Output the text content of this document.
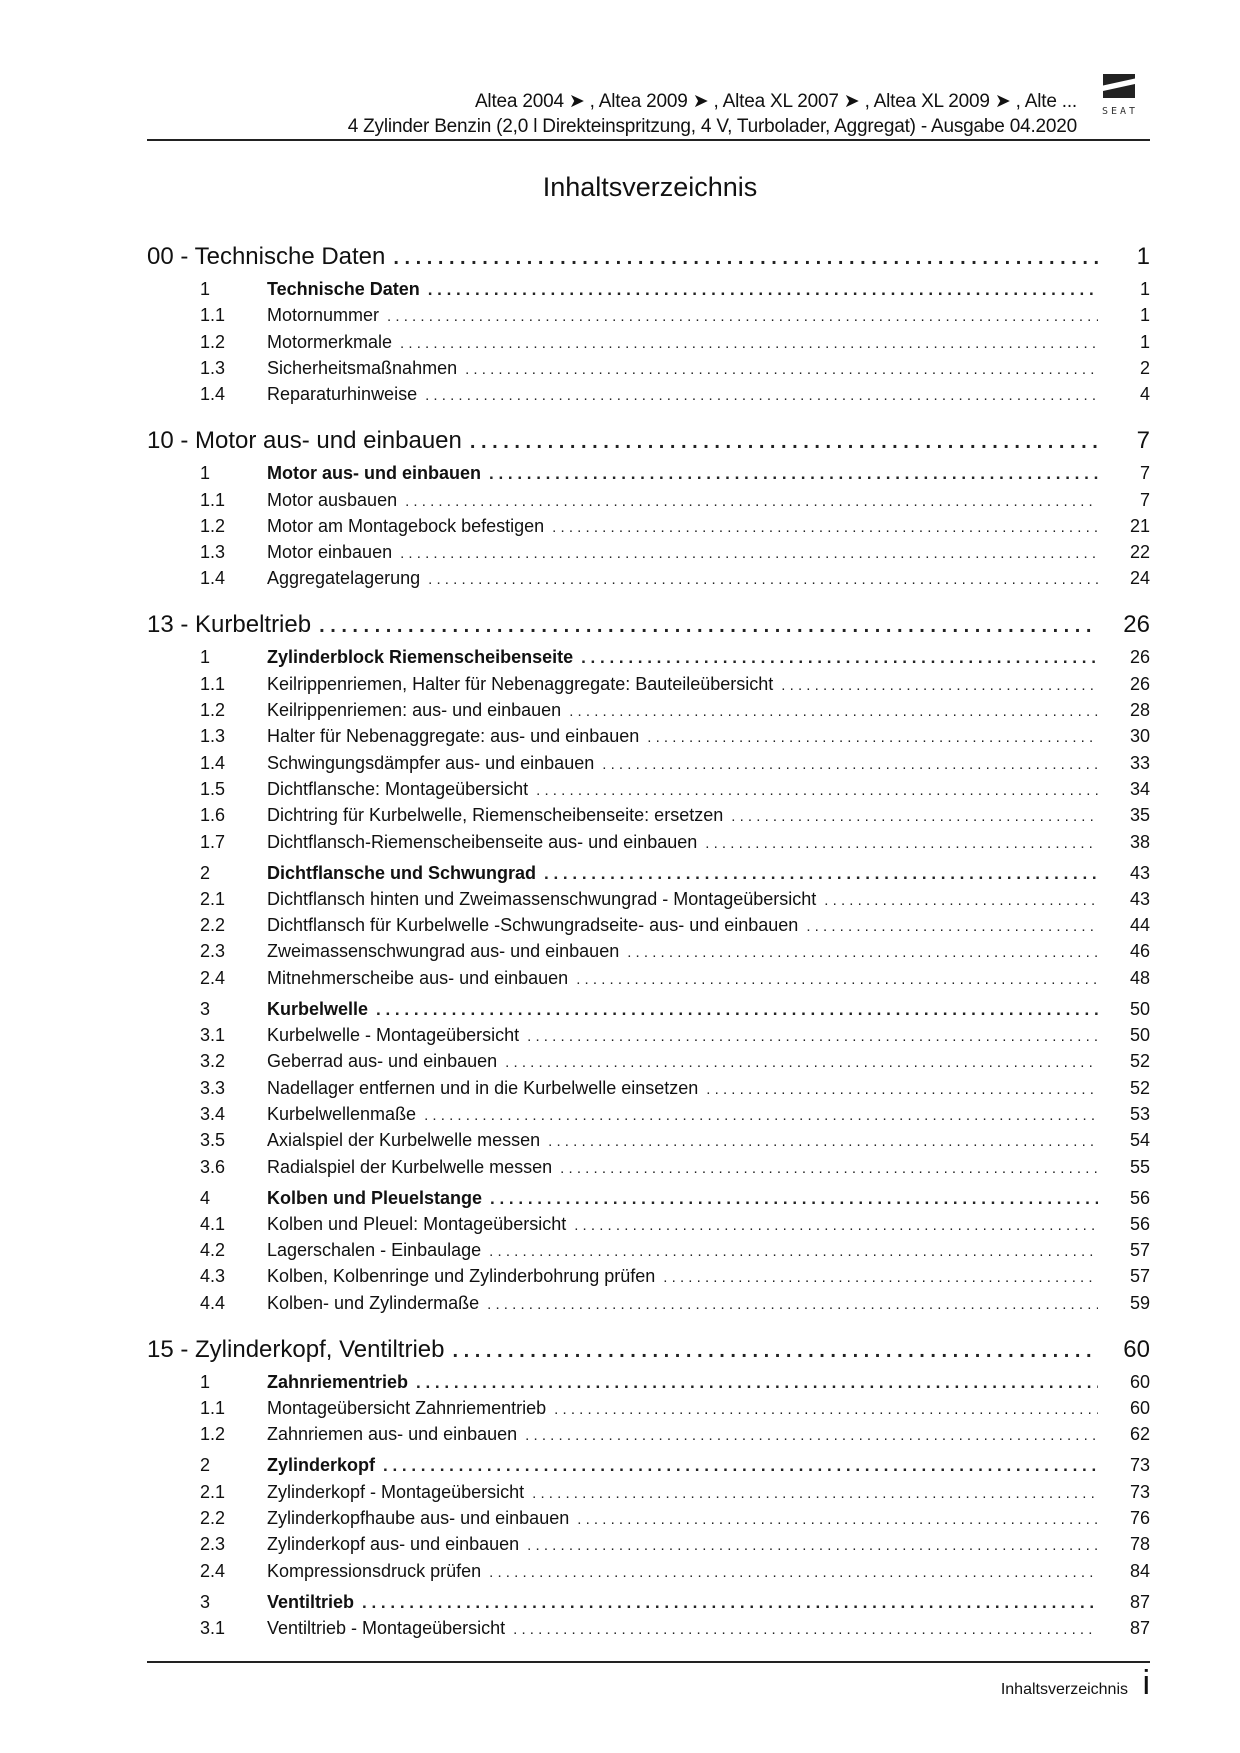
Altea 2004 ➤ , Altea 2009 ➤ , Altea XL 2007 ➤ , Altea XL 2009 ➤ , Alte ...
4 Zylinder Benzin (2,0 l Direkteinspritzung, 4 V, Turbolader, Aggregat) - Ausgabe 04.2020
SEAT
Inhaltsverzeichnis
00 - Technische Daten . . .	1
1	Technische Daten . . .	1
1.1	Motornummer . . .	1
1.2	Motormerkmale . . .	1
1.3	Sicherheitsmaßnahmen . . .	2
1.4	Reparaturhinweise . . .	4
10 - Motor aus- und einbauen . . .	7
1	Motor aus- und einbauen . . .	7
1.1	Motor ausbauen . . .	7
1.2	Motor am Montagebock befestigen . . .	21
1.3	Motor einbauen . . .	22
1.4	Aggregatelagerung . . .	24
13 - Kurbeltrieb . . .	26
1	Zylinderblock Riemenscheibenseite . . .	26
1.1	Keilrippenriemen, Halter für Nebenaggregate: Bauteileübersicht . . .	26
1.2	Keilrippenriemen: aus- und einbauen . . .	28
1.3	Halter für Nebenaggregate: aus- und einbauen . . .	30
1.4	Schwingungsdämpfer aus- und einbauen . . .	33
1.5	Dichtflansche: Montageübersicht . . .	34
1.6	Dichtring für Kurbelwelle, Riemenscheibenseite: ersetzen . . .	35
1.7	Dichtflansch-Riemenscheibenseite aus- und einbauen . . .	38
2	Dichtflansche und Schwungrad . . .	43
2.1	Dichtflansch hinten und Zweimassenschwungrad - Montageübersicht . . .	43
2.2	Dichtflansch für Kurbelwelle -Schwungradseite- aus- und einbauen . . .	44
2.3	Zweimassenschwungrad aus- und einbauen . . .	46
2.4	Mitnehmerscheibe aus- und einbauen . . .	48
3	Kurbelwelle . . .	50
3.1	Kurbelwelle - Montageübersicht . . .	50
3.2	Geberrad aus- und einbauen . . .	52
3.3	Nadellager entfernen und in die Kurbelwelle einsetzen . . .	52
3.4	Kurbelwellenmaße . . .	53
3.5	Axialspiel der Kurbelwelle messen . . .	54
3.6	Radialspiel der Kurbelwelle messen . . .	55
4	Kolben und Pleuelstange . . .	56
4.1	Kolben und Pleuel: Montageübersicht . . .	56
4.2	Lagerschalen - Einbaulage . . .	57
4.3	Kolben, Kolbenringe und Zylinderbohrung prüfen . . .	57
4.4	Kolben- und Zylindermaße . . .	59
15 - Zylinderkopf, Ventiltrieb . . .	60
1	Zahnriementrieb . . .	60
1.1	Montageübersicht Zahnriementrieb . . .	60
1.2	Zahnriemen aus- und einbauen . . .	62
2	Zylinderkopf . . .	73
2.1	Zylinderkopf - Montageübersicht . . .	73
2.2	Zylinderkopfhaube aus- und einbauen . . .	76
2.3	Zylinderkopf aus- und einbauen . . .	78
2.4	Kompressionsdruck prüfen . . .	84
3	Ventiltrieb . . .	87
3.1	Ventiltrieb - Montageübersicht . . .	87
Inhaltsverzeichnis i
